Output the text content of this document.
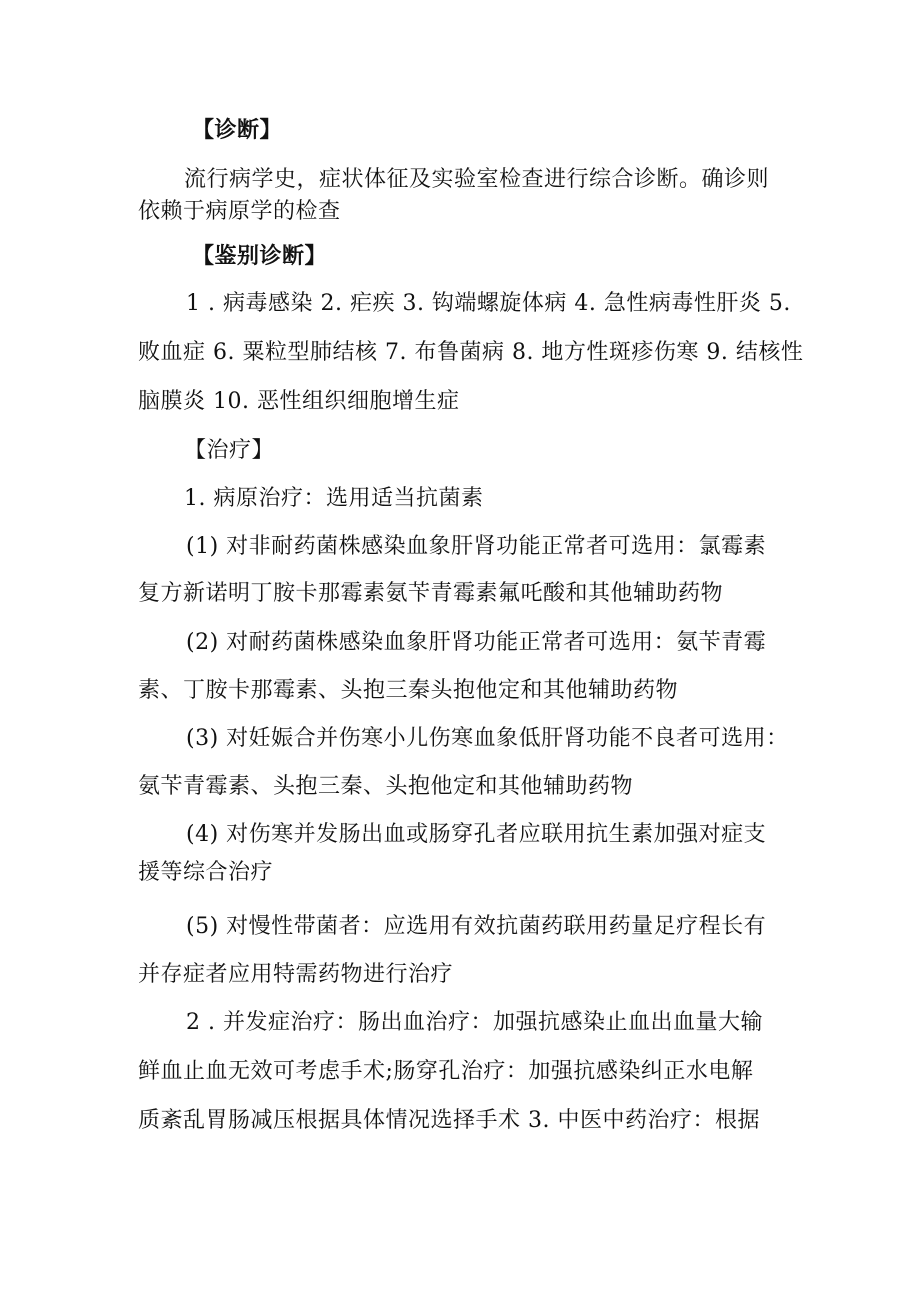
【诊断】
流行病学史，症状体征及实验室检查进行综合诊断。确诊则
依赖于病原学的检查
【鉴别诊断】
1 . 病毒感染 2. 疟疾 3. 钩端螺旋体病 4. 急性病毒性肝炎 5.
败血症 6. 粟粒型肺结核 7. 布鲁菌病 8. 地方性斑疹伤寒 9. 结核性
脑膜炎 10. 恶性组织细胞增生症
【治疗】
1. 病原治疗：选用适当抗菌素
(1) 对非耐药菌株感染血象肝肾功能正常者可选用：氯霉素
复方新诺明丁胺卡那霉素氨苄青霉素氟吒酸和其他辅助药物
(2) 对耐药菌株感染血象肝肾功能正常者可选用：氨苄青霉
素、丁胺卡那霉素、头抱三秦头抱他定和其他辅助药物
(3) 对妊娠合并伤寒小儿伤寒血象低肝肾功能不良者可选用：
氨苄青霉素、头抱三秦、头抱他定和其他辅助药物
(4) 对伤寒并发肠出血或肠穿孔者应联用抗生素加强对症支
援等综合治疗
(5) 对慢性带菌者：应选用有效抗菌药联用药量足疗程长有
并存症者应用特需药物进行治疗
2 . 并发症治疗：肠出血治疗：加强抗感染止血出血量大输
鲜血止血无效可考虑手术;肠穿孔治疗：加强抗感染纠正水电解
质紊乱胃肠减压根据具体情况选择手术 3. 中医中药治疗：根据
